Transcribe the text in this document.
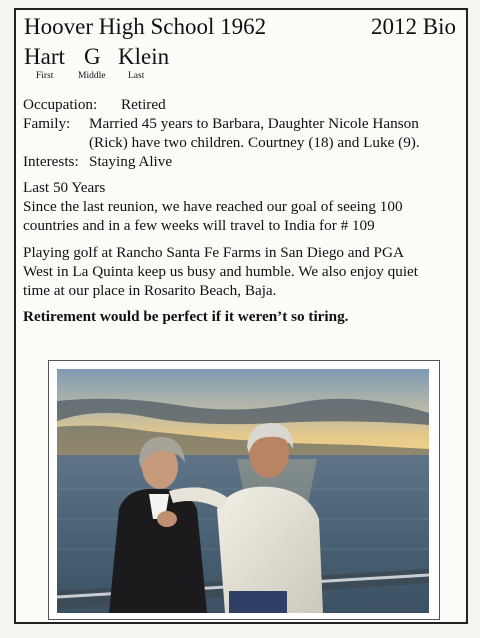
Hoover High School 1962	2012 Bio
Hart G Klein
First	Middle Last
Occupation: Retired
Family: Married 45 years to Barbara, Daughter Nicole Hanson
(Rick) have two children. Courtney (18) and Luke (9).
Interests: Staying Alive
Last 50 Years
Since the last reunion, we have reached our goal of seeing 100
countries and in a few weeks will travel to India for # 109
Playing golf at Rancho Santa Fe Farms in San Diego and PGA
West in La Quinta keep us busy and humble. We also enjoy quiet
time at our place in Rosarito Beach, Baja.
Retirement would be perfect if it weren’t so tiring.
